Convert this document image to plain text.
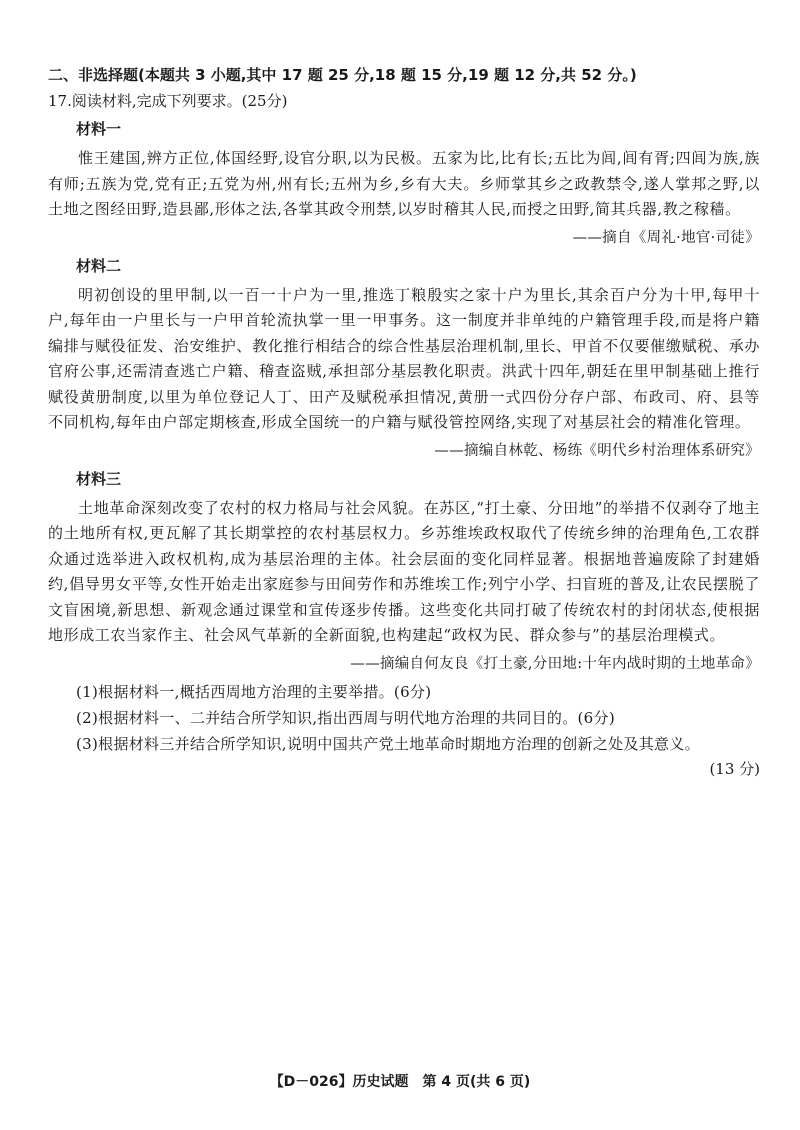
二、非选择题(本题共 3 小题,其中 17 题 25 分,18 题 15 分,19 题 12 分,共 52 分。)
17.阅读材料,完成下列要求。(25分)
材料一

惟王建国,辨方正位,体国经野,设官分职,以为民极。五家为比,比有长;五比为闾,闾有胥;四闾为族,族有师;五族为党,党有正;五党为州,州有长;五州为乡,乡有大夫。乡师掌其乡之政教禁令,遂人掌邦之野,以土地之图经田野,造县鄙,形体之法,各掌其政令刑禁,以岁时稽其人民,而授之田野,简其兵器,教之稼穑。

——摘自《周礼·地官·司徒》
材料二

明初创设的里甲制,以一百一十户为一里,推选丁粮殷实之家十户为里长,其余百户分为十甲,每甲十户,每年由一户里长与一户甲首轮流执掌一里一甲事务。这一制度并非单纯的户籍管理手段,而是将户籍编排与赋役征发、治安维护、教化推行相结合的综合性基层治理机制,里长、甲首不仅要催缴赋税、承办官府公事,还需清查逃亡户籍、稽查盗贼,承担部分基层教化职责。洪武十四年,朝廷在里甲制基础上推行赋役黄册制度,以里为单位登记人丁、田产及赋税承担情况,黄册一式四份分存户部、布政司、府、县等不同机构,每年由户部定期核查,形成全国统一的户籍与赋役管控网络,实现了对基层社会的精准化管理。

——摘编自林乾、杨练《明代乡村治理体系研究》
材料三

土地革命深刻改变了农村的权力格局与社会风貌。在苏区,“打土豪、分田地”的举措不仅剥夺了地主的土地所有权,更瓦解了其长期掌控的农村基层权力。乡苏维埃政权取代了传统乡绅的治理角色,工农群众通过选举进入政权机构,成为基层治理的主体。社会层面的变化同样显著。根据地普遍废除了封建婚约,倡导男女平等,女性开始走出家庭参与田间劳作和苏维埃工作;列宁小学、扫盲班的普及,让农民摆脱了文盲困境,新思想、新观念通过课堂和宣传逐步传播。这些变化共同打破了传统农村的封闭状态,使根据地形成工农当家作主、社会风气革新的全新面貌,也构建起“政权为民、群众参与”的基层治理模式。

——摘编自何友良《打土豪,分田地:十年内战时期的土地革命》

(1)根据材料一,概括西周地方治理的主要举措。(6分)

(2)根据材料一、二并结合所学知识,指出西周与明代地方治理的共同目的。(6分)

(3)根据材料三并结合所学知识,说明中国共产党土地革命时期地方治理的创新之处及其意义。

(13 分)

【D－026】历史试题　第 4 页(共 6 页)
